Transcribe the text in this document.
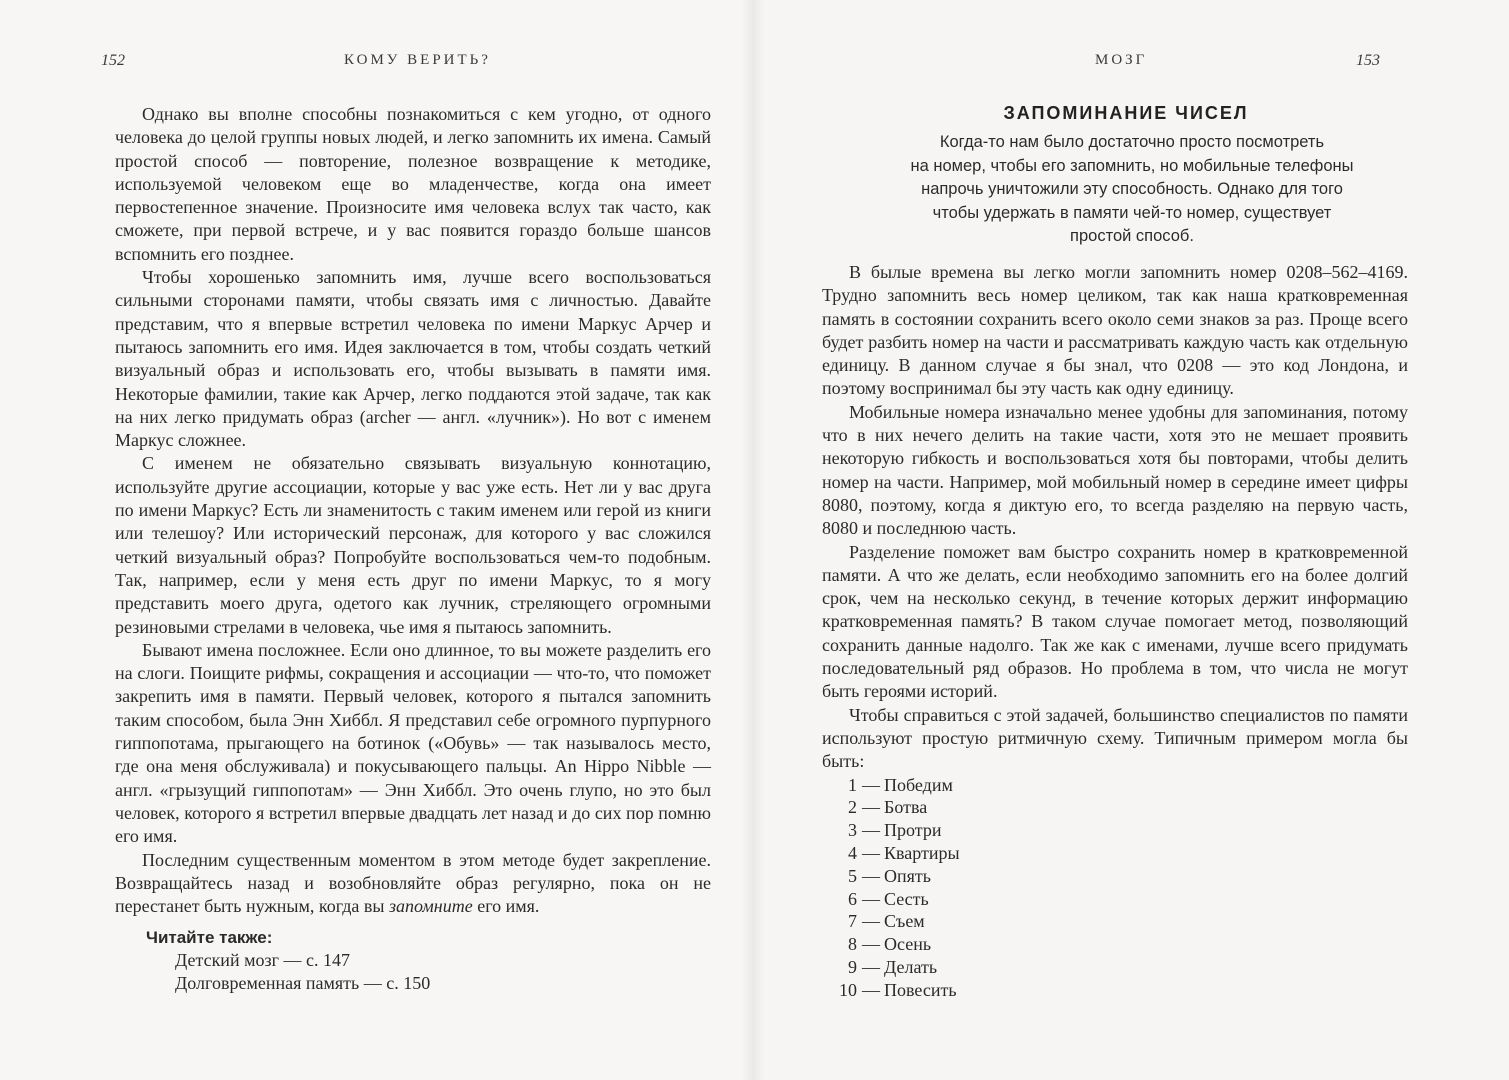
152	КОМУ ВЕРИТЬ?

Однако вы вполне способны познакомиться с кем угодно, от одного человека до целой группы новых людей, и легко запомнить их имена. Самый простой способ — повторение, полезное возвращение к методике, используемой человеком еще во младенчестве, когда она имеет первостепенное значение. Произносите имя человека вслух так часто, как сможете, при первой встрече, и у вас появится гораздо больше шансов вспомнить его позднее.

Чтобы хорошенько запомнить имя, лучше всего воспользоваться сильными сторонами памяти, чтобы связать имя с личностью. Давайте представим, что я впервые встретил человека по имени Маркус Арчер и пытаюсь запомнить его имя. Идея заключается в том, чтобы создать четкий визуальный образ и использовать его, чтобы вызывать в памяти имя. Некоторые фамилии, такие как Арчер, легко поддаются этой задаче, так как на них легко придумать образ (archer — англ. «лучник»). Но вот с именем Маркус сложнее.

С именем не обязательно связывать визуальную коннотацию, используйте другие ассоциации, которые у вас уже есть. Нет ли у вас друга по имени Маркус? Есть ли знаменитость с таким именем или герой из книги или телешоу? Или исторический персонаж, для которого у вас сложился четкий визуальный образ? Попробуйте воспользоваться чем-то подобным. Так, например, если у меня есть друг по имени Маркус, то я могу представить моего друга, одетого как лучник, стреляющего огромными резиновыми стрелами в человека, чье имя я пытаюсь запомнить.

Бывают имена посложнее. Если оно длинное, то вы можете разделить его на слоги. Поищите рифмы, сокращения и ассоциации — что-то, что поможет закрепить имя в памяти. Первый человек, которого я пытался запомнить таким способом, была Энн Хиббл. Я представил себе огромного пурпурного гиппопотама, прыгающего на ботинок («Обувь» — так называлось место, где она меня обслуживала) и покусывающего пальцы. An Hippo Nibble — англ. «грызущий гиппопотам» — Энн Хиббл. Это очень глупо, но это был человек, которого я встретил впервые двадцать лет назад и до сих пор помню его имя.

Последним существенным моментом в этом методе будет закрепление. Возвращайтесь назад и возобновляйте образ регулярно, пока он не перестанет быть нужным, когда вы запомните его имя.

Читайте также:
Детский мозг — с. 147
Долговременная память — с. 150
МОЗГ	153
ЗАПОМИНАНИЕ ЧИСЕЛ
Когда-то нам было достаточно просто посмотреть
на номер, чтобы его запомнить, но мобильные телефоны
напрочь уничтожили эту способность. Однако для того
чтобы удержать в памяти чей-то номер, существует
простой способ.

В былые времена вы легко могли запомнить номер 0208–562–4169. Трудно запомнить весь номер целиком, так как наша кратковременная память в состоянии сохранить всего около семи знаков за раз. Проще всего будет разбить номер на части и рассматривать каждую часть как отдельную единицу. В данном случае я бы знал, что 0208 — это код Лондона, и поэтому воспринимал бы эту часть как одну единицу.

Мобильные номера изначально менее удобны для запоминания, потому что в них нечего делить на такие части, хотя это не мешает проявить некоторую гибкость и воспользоваться хотя бы повторами, чтобы делить номер на части. Например, мой мобильный номер в середине имеет цифры 8080, поэтому, когда я диктую его, то всегда разделяю на первую часть, 8080 и последнюю часть.

Разделение поможет вам быстро сохранить номер в кратковременной памяти. А что же делать, если необходимо запомнить его на более долгий срок, чем на несколько секунд, в течение которых держит информацию кратковременная память? В таком случае помогает метод, позволяющий сохранить данные надолго. Так же как с именами, лучше всего придумать последовательный ряд образов. Но проблема в том, что числа не могут быть героями историй.

Чтобы справиться с этой задачей, большинство специалистов по памяти используют простую ритмичную схему. Типичным примером могла бы быть:

1 — Победим
2 — Ботва
3 — Протри
4 — Квартиры
5 — Опять
6 — Сесть
7 — Съем
8 — Осень
9 — Делать
10 — Повесить
